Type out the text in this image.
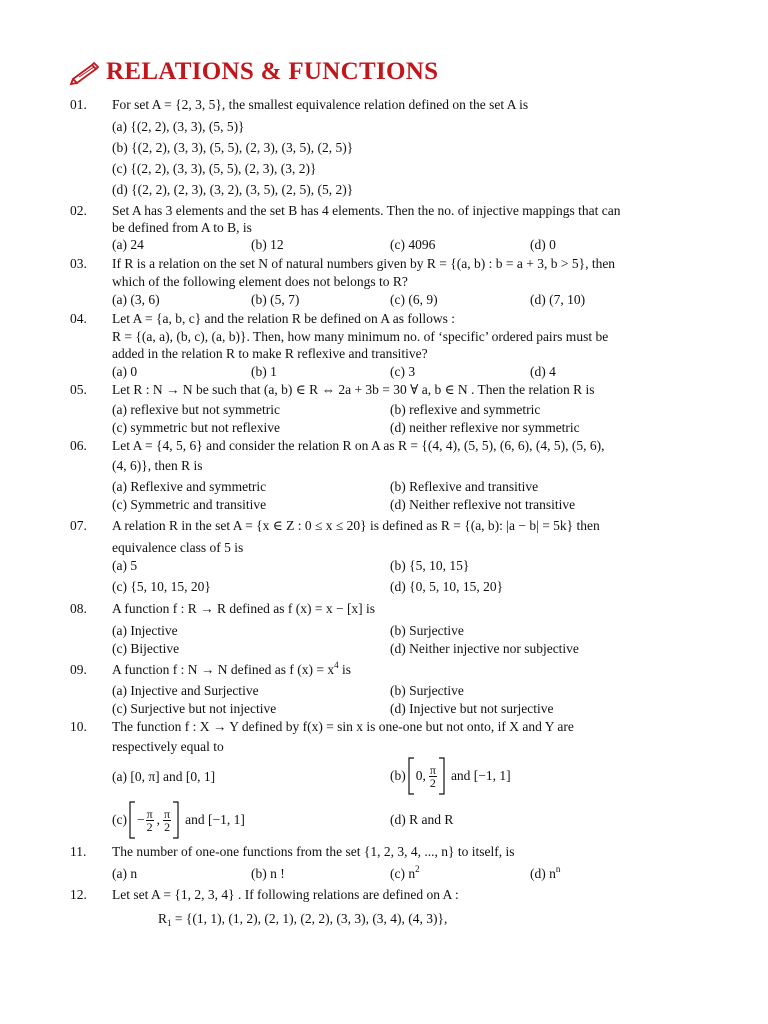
RELATIONS & FUNCTIONS
01.	For set A = {2, 3, 5}, the smallest equivalence relation defined on the set A is
(a) {(2, 2), (3, 3), (5, 5)}
(b) {(2, 2), (3, 3), (5, 5), (2, 3), (3, 5), (2, 5)}
(c) {(2, 2), (3, 3), (5, 5), (2, 3), (3, 2)}
(d) {(2, 2), (2, 3), (3, 2), (3, 5), (2, 5), (5, 2)}
02.	Set A has 3 elements and the set B has 4 elements. Then the no. of injective mappings that can
be defined from A to B, is
(a) 24	(b) 12	(c) 4096	(d) 0
03.	If R is a relation on the set N of natural numbers given by R = {(a, b) : b = a + 3, b > 5}, then
which of the following element does not belongs to R?
(a) (3, 6)	(b) (5, 7)	(c) (6, 9)	(d) (7, 10)
04.	Let A = {a, b, c} and the relation R be defined on A as follows :
R = {(a, a), (b, c), (a, b)}. Then, how many minimum no. of ‘specific’ ordered pairs must be
added in the relation R to make R reflexive and transitive?
(a) 0	(b) 1	(c) 3	(d) 4
05.	Let R : N → N be such that (a, b) ∈ R ⇔ 2a + 3b = 30 ∀ a, b ∈ N . Then the relation R is
(a) reflexive but not symmetric	(b) reflexive and symmetric
(c) symmetric but not reflexive	(d) neither reflexive nor symmetric
06.	Let A = {4, 5, 6} and consider the relation R on A as R = {(4, 4), (5, 5), (6, 6), (4, 5), (5, 6),
(4, 6)}, then R is
(a) Reflexive and symmetric	(b) Reflexive and transitive
(c) Symmetric and transitive	(d) Neither reflexive not transitive
07.	A relation R in the set A = {x ∈ Z : 0 ≤ x ≤ 20} is defined as R = {(a, b): |a − b| = 5k} then
equivalence class of 5 is
(a) 5	(b) {5, 10, 15}
(c) {5, 10, 15, 20}	(d) {0, 5, 10, 15, 20}
08.	A function f : R → R defined as f (x) = x − [x] is
(a) Injective	(b) Surjective
(c) Bijective	(d) Neither injective nor subjective
09.	A function f : N → N defined as f $(x) = x^4$ is
(a) Injective and Surjective	(b) Surjective
(c) Surjective but not injective	(d) Injective but not surjective
10.	The function f : X → Y defined by f(x) = sin x is one-one but not onto, if X and Y are
respectively equal to
(a) [0, π] and [0, 1]	(b) 0, $\frac{\pi}{2}$ and [−1, 1]
$(c) - \frac{\pi}{2}$ , $\frac{\pi}{2}$ and [−1, 1]	(d) R and R
11.	The number of one-one functions from the set {1, 2, 3, 4, ..., n} to itself, is
(a) n	(b) n !	(c) $n^2$	(d) $n^n$
12.	Let set A = {1, 2, 3, 4} . If following relations are defined on A :
$R_1 = \{(1$, 1), (1, 2), (2, 1), (2, 2), (3, 3), (3, 4), (4, 3)},
